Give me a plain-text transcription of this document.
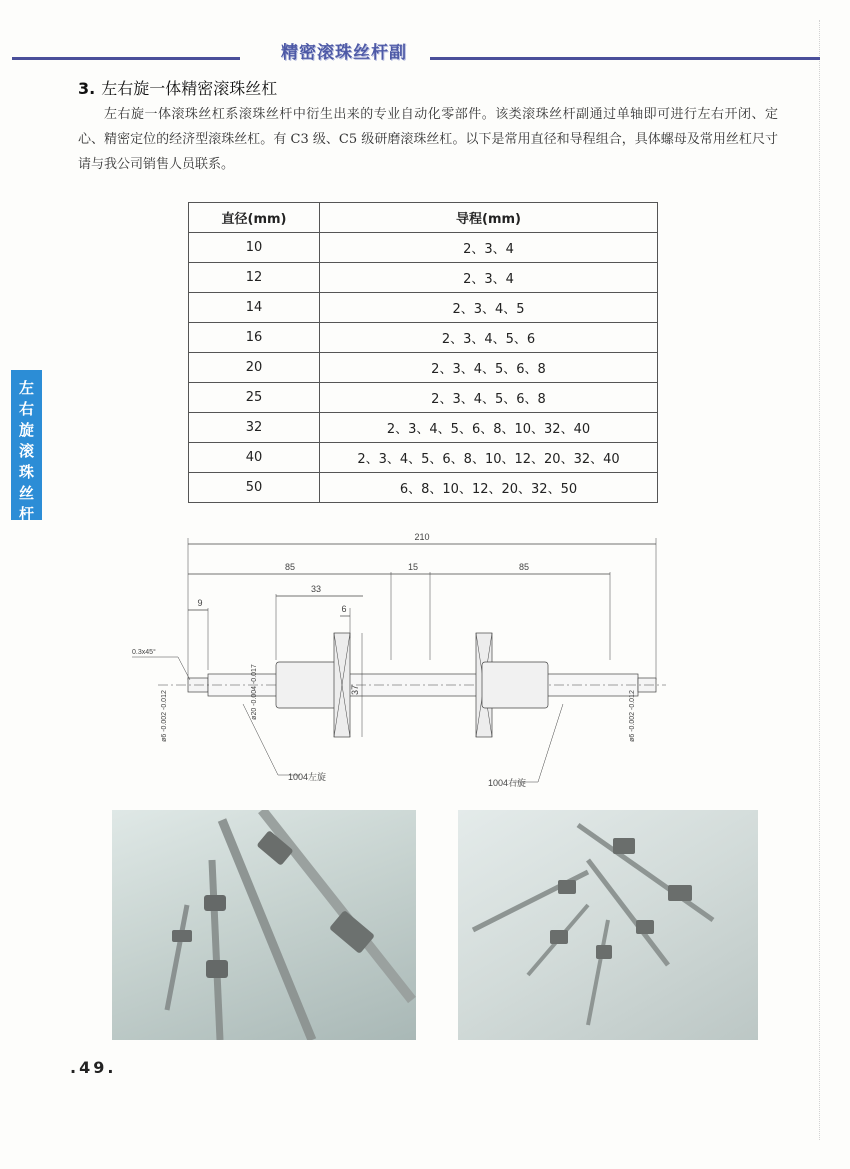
精密滚珠丝杆副
3. 左右旋一体精密滚珠丝杠

左右旋一体滚珠丝杠系滚珠丝杆中衍生出来的专业自动化零部件。该类滚珠丝杆副通过单轴即可进行左右开闭、定心、精密定位的经济型滚珠丝杠。有 C3 级、C5 级研磨滚珠丝杠。以下是常用直径和导程组合，具体螺母及常用丝杠尺寸请与我公司销售人员联系。

直径(mm)	导程(mm)
10	2、3、4
12	2、3、4
14	2、3、4、5
16	2、3、4、5、6
20	2、3、4、5、6、8
25	2、3、4、5、6、8
32	2、3、4、5、6、8、10、32、40
40	2、3、4、5、6、8、10、12、20、32、40
50	6、8、10、12、20、32、50
左
右
旋
滚
珠
丝
杆
210
85	15	85
33
6
9
37
ø20 -0.004 -0.017
ø6 -0.002 -0.012	ø6 -0.002 -0.012
0.3x45°
1004左旋
1004右旋
.49.
